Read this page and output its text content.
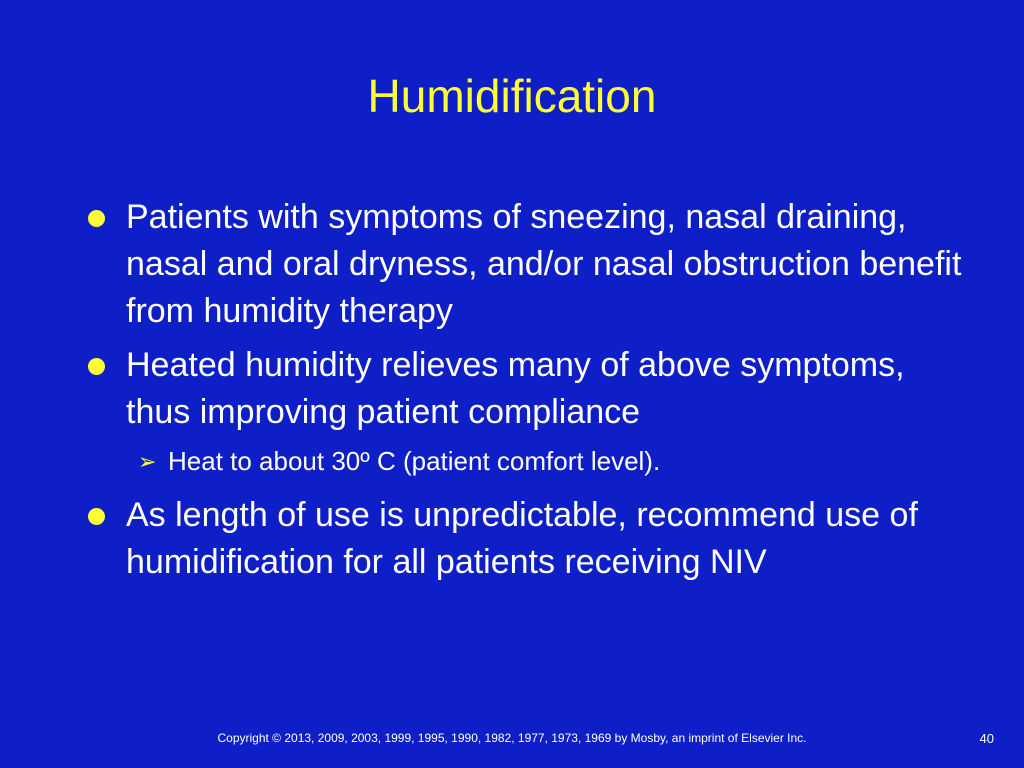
Humidification
Patients with symptoms of sneezing, nasal draining, nasal and oral dryness, and/or nasal obstruction benefit from humidity therapy
Heated humidity relieves many of above symptoms, thus improving patient compliance
➢ Heat to about 30º C (patient comfort level).
As length of use is unpredictable, recommend use of humidification for all patients receiving NIV
Copyright © 2013, 2009, 2003, 1999, 1995, 1990, 1982, 1977, 1973, 1969 by Mosby, an imprint of Elsevier Inc.	40
